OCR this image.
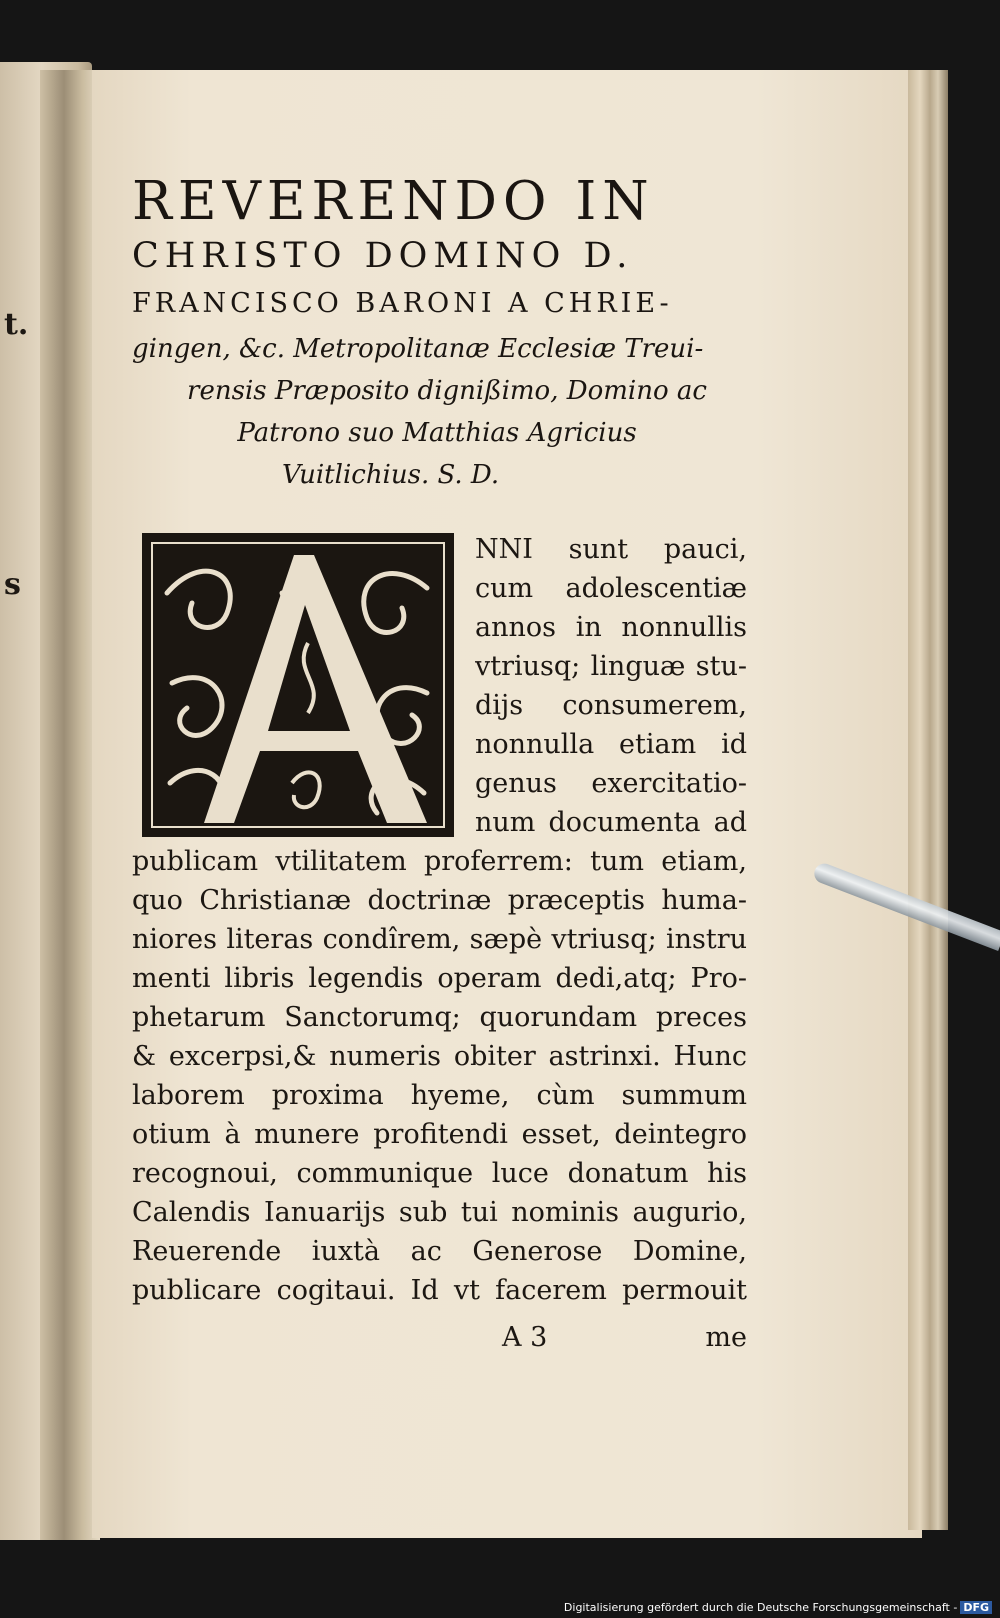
t.
s
REVERENDO IN
CHRISTO DOMINO D.
FRANCISCO BARONI A CHRIE-
gingen, &c. Metropolitanæ Ecclesiæ Treui-
rensis Præposito dignißimo, Domino ac
Patrono suo Matthias Agricius
Vuitlichius. S. D.
NNI sunt pauci,
cum adolescentiæ
annos in nonnullis
vtriusq; linguæ stu-
dijs consumerem,
nonnulla etiam id
genus exercitatio-
num documenta ad
publicam vtilitatem proferrem: tum etiam,
quo Christianæ doctrinæ præceptis huma-
niores literas condîrem, sæpè vtriusq; instru
menti libris legendis operam dedi,atq; Pro-
phetarum Sanctorumq; quorundam preces
& excerpsi,& numeris obiter astrinxi. Hunc
laborem proxima hyeme, cùm summum
otium à munere profitendi esset, deintegro
recognoui, communique luce donatum his
Calendis Ianuarijs sub tui nominis augurio,
Reuerende iuxtà ac Generose Domine,
publicare cogitaui. Id vt facerem permouit
A 3	me
Digitalisierung gefördert durch die Deutsche Forschungsgemeinschaft - DFG
